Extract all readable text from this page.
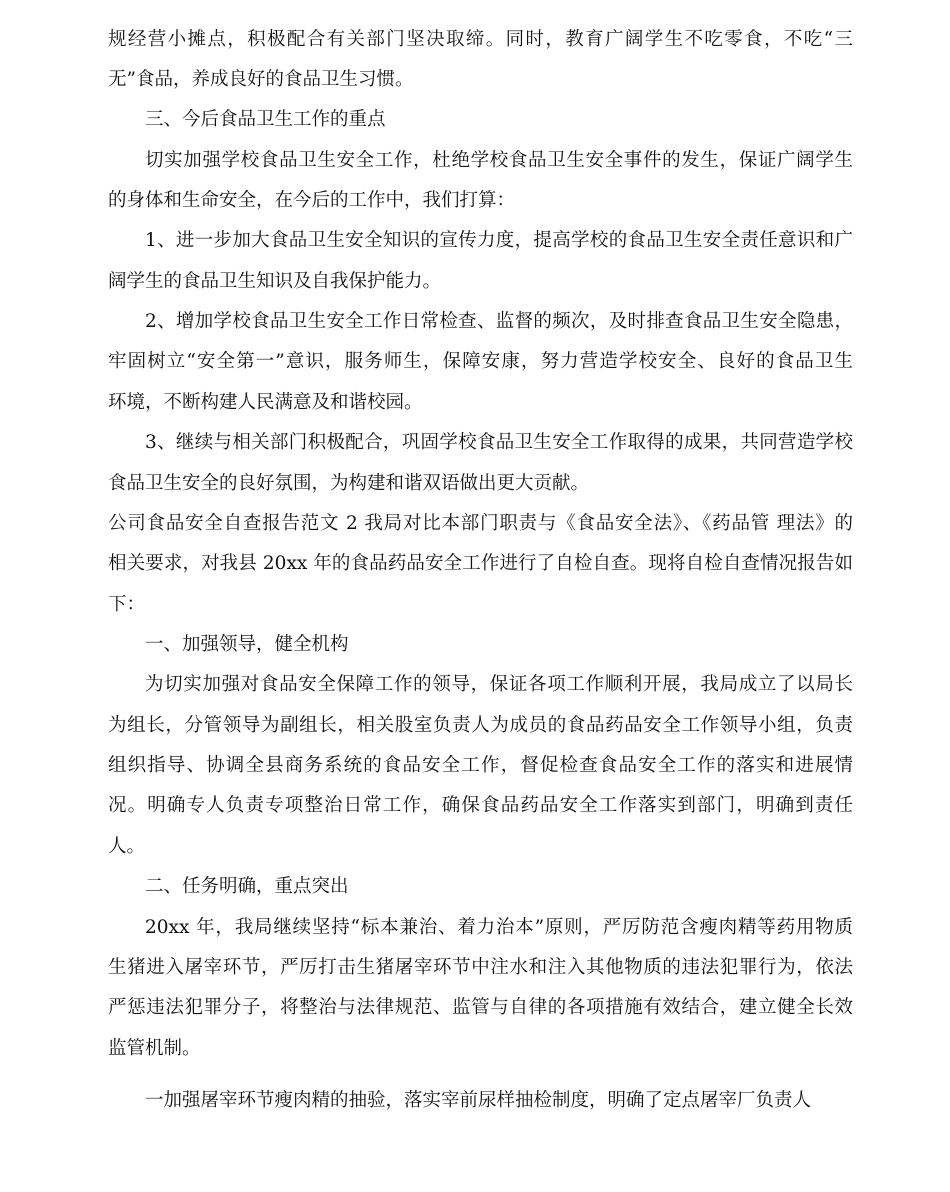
规经营小摊点，积极配合有关部门坚决取缔。同时，教育广阔学生不吃零食，不吃“三
无”食品，养成良好的食品卫生习惯。
三、今后食品卫生工作的重点
切实加强学校食品卫生安全工作，杜绝学校食品卫生安全事件的发生，保证广阔学生
的身体和生命安全，在今后的工作中，我们打算：
1、进一步加大食品卫生安全知识的宣传力度，提高学校的食品卫生安全责任意识和广
阔学生的食品卫生知识及自我保护能力。
2、增加学校食品卫生安全工作日常检查、监督的频次，及时排查食品卫生安全隐患，
牢固树立“安全第一”意识，服务师生，保障安康，努力营造学校安全、良好的食品卫生
环境，不断构建人民满意及和谐校园。
3、继续与相关部门积极配合，巩固学校食品卫生安全工作取得的成果，共同营造学校
食品卫生安全的良好氛围，为构建和谐双语做出更大贡献。
公司食品安全自查报告范文 2 我局对比本部门职责与《食品安全法》、《药品管 理法》的
相关要求，对我县 20xx 年的食品药品安全工作进行了自检自查。现将自检自查情况报告如
下：
一、加强领导，健全机构
为切实加强对食品安全保障工作的领导，保证各项工作顺利开展，我局成立了以局长
为组长，分管领导为副组长，相关股室负责人为成员的食品药品安全工作领导小组，负责
组织指导、协调全县商务系统的食品安全工作，督促检查食品安全工作的落实和进展情
况。明确专人负责专项整治日常工作，确保食品药品安全工作落实到部门，明确到责任
人。
二、任务明确，重点突出
20xx 年，我局继续坚持“标本兼治、着力治本”原则，严厉防范含瘦肉精等药用物质
生猪进入屠宰环节，严厉打击生猪屠宰环节中注水和注入其他物质的违法犯罪行为，依法
严惩违法犯罪分子，将整治与法律规范、监管与自律的各项措施有效结合，建立健全长效
监管机制。
一加强屠宰环节瘦肉精的抽验，落实宰前尿样抽检制度，明确了定点屠宰厂负责人
